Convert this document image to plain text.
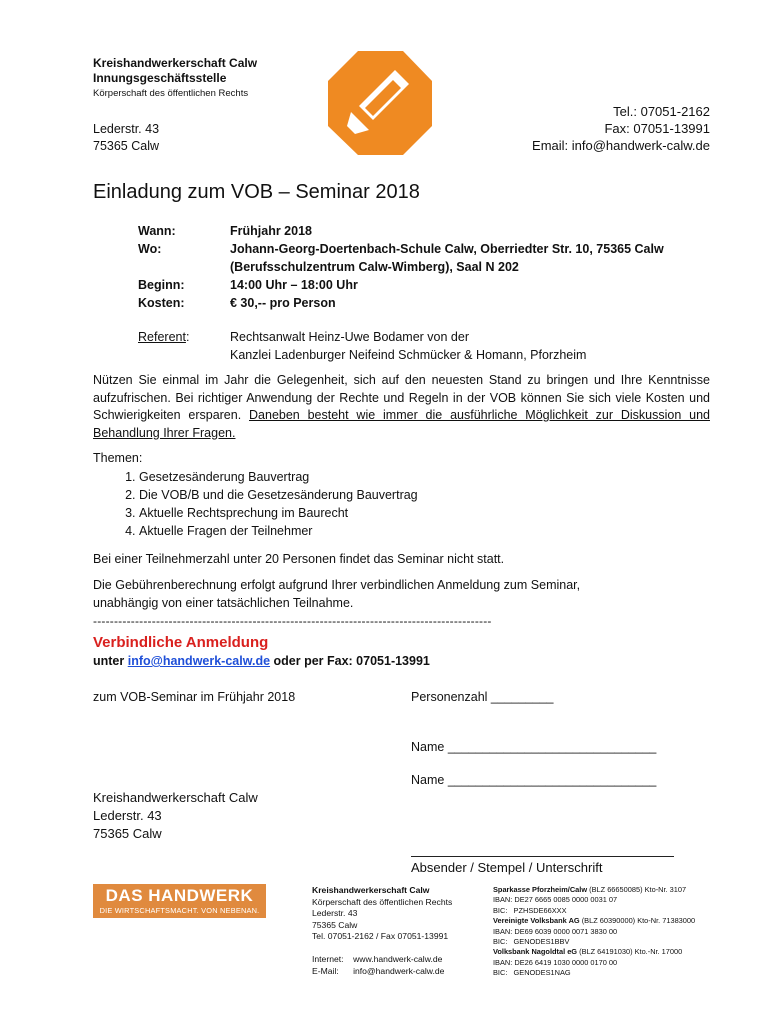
Kreishandwerkerschaft Calw
Innungsgeschäftsstelle
Körperschaft des öffentlichen Rechts
Lederstr. 43
75365 Calw
Tel.: 07051-2162
Fax: 07051-13991
Email: info@handwerk-calw.de
Einladung zum VOB – Seminar 2018
Wann:	Frühjahr 2018
Wo:	Johann-Georg-Doertenbach-Schule Calw, Oberriedter Str. 10, 75365 Calw
(Berufsschulzentrum Calw-Wimberg), Saal N 202
Beginn:	14:00 Uhr – 18:00 Uhr
Kosten:	€ 30,-- pro Person
Referent:	Rechtsanwalt Heinz-Uwe Bodamer von der
Kanzlei Ladenburger Neifeind Schmücker & Homann, Pforzheim
Nützen Sie einmal im Jahr die Gelegenheit, sich auf den neuesten Stand zu bringen und Ihre Kenntnisse aufzufrischen. Bei richtiger Anwendung der Rechte und Regeln in der VOB können Sie sich viele Kosten und Schwierigkeiten ersparen. Daneben besteht wie immer die ausführliche Möglichkeit zur Diskussion und Behandlung Ihrer Fragen.
Themen:
1. Gesetzesänderung Bauvertrag
2. Die VOB/B und die Gesetzesänderung Bauvertrag
3. Aktuelle Rechtsprechung im Baurecht
4. Aktuelle Fragen der Teilnehmer
Bei einer Teilnehmerzahl unter 20 Personen findet das Seminar nicht statt.
Die Gebührenberechnung erfolgt aufgrund Ihrer verbindlichen Anmeldung zum Seminar,
unabhängig von einer tatsächlichen Teilnahme.
-----------------------------------------------------------------------------------------------
Verbindliche Anmeldung
unter info@handwerk-calw.de oder per Fax: 07051-13991
zum VOB-Seminar im Frühjahr 2018	Personenzahl _________
Name ______________________________
Name ______________________________
Kreishandwerkerschaft Calw
Lederstr. 43
75365 Calw
Absender / Stempel / Unterschrift
DAS HANDWERK
DIE WIRTSCHAFTSMACHT. VON NEBENAN.
Kreishandwerkerschaft Calw
Körperschaft des öffentlichen Rechts
Lederstr. 43
75365 Calw
Tel. 07051-2162 / Fax 07051-13991
Internet:    www.handwerk-calw.de
E-Mail:      info@handwerk-calw.de
Sparkasse Pforzheim/Calw (BLZ 66650085) Kto-Nr. 3107
IBAN: DE27 6665 0085 0000 0031 07
BIC:   PZHSDE66XXX
Vereinigte Volksbank AG (BLZ 60390000) Kto-Nr. 71383000
IBAN: DE69 6039 0000 0071 3830 00
BIC:   GENODES1BBV
Volksbank Nagoldtal eG (BLZ 64191030) Kto.-Nr. 17000
IBAN: DE26 6419 1030 0000 0170 00
BIC:   GENODES1NAG
